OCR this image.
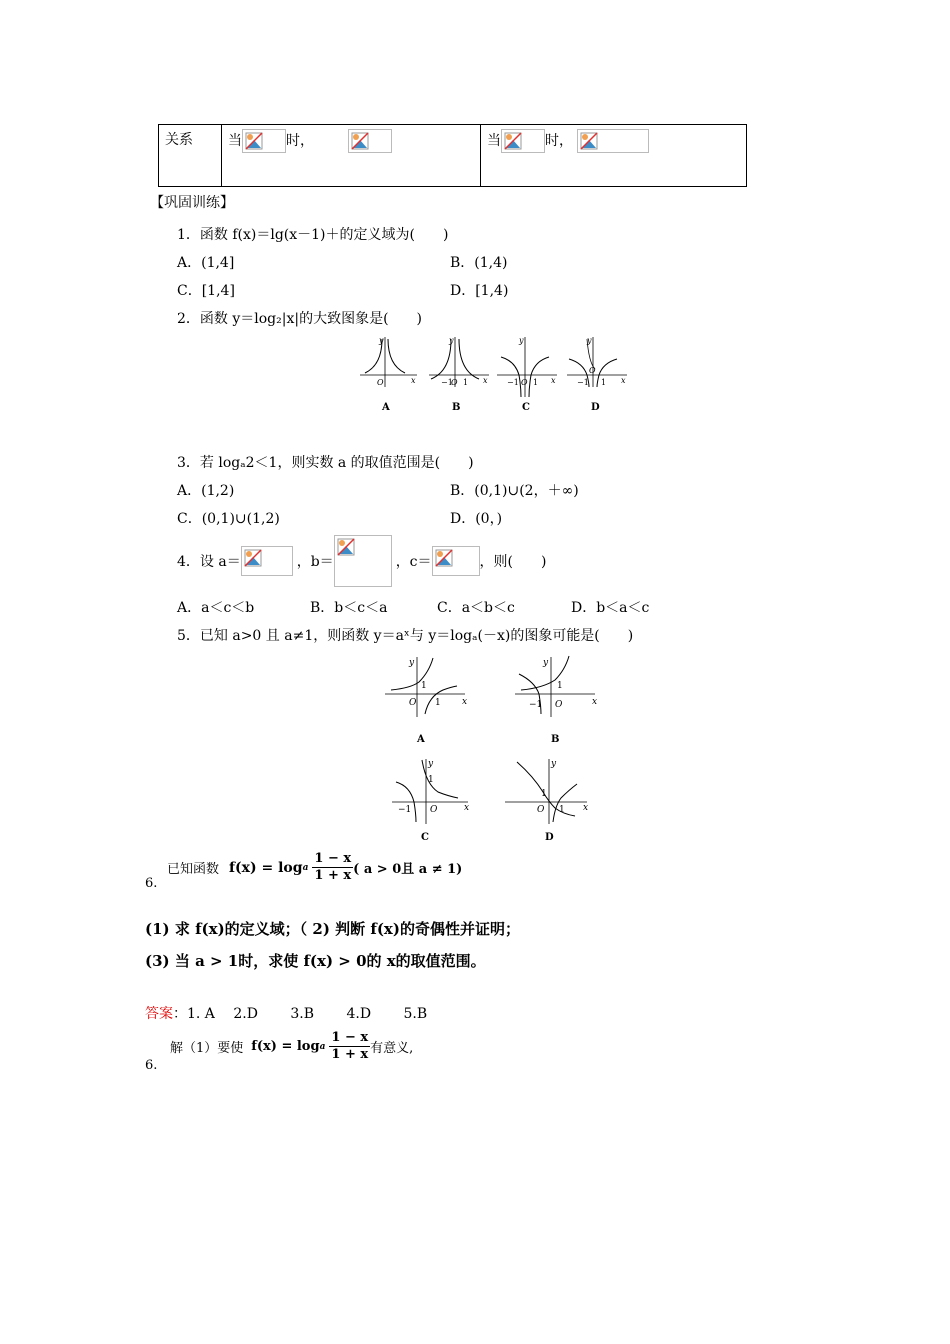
关系	当	时，	当	时，
【巩固训练】
1．函数 f(x)＝lg(x－1)＋的定义域为(　　)
A．(1,4]	B．(1,4)
C．[1,4]	D．[1,4)
2．函数 y＝log₂|x|的大致图象是(　　)
y
x
O
A
y
x
−1
O 1
B
y
x
−1 O 1
C
y
x
−1
O
1
D
3．若 logₐ2＜1，则实数 a 的取值范围是(　　)
A．(1,2)	B．(0,1)∪(2，＋∞)
C．(0,1)∪(1,2)	D．(0，)
4．设 a＝	，b＝	，c＝	，则(　　)
A．a＜c＜b	B．b＜c＜a	C．a＜b＜c	D．b＜a＜c
5．已知 a>0 且 a≠1，则函数 y＝aˣ与 y＝logₐ(－x)的图象可能是(　　)
y
x
O
1
1
A
y
x
−1 O
1
B
y
x
−1 O
1
C
y
x
O
1
1
D
6.
已知函数 f(x) = log a $\frac{1 - x}{1 + x}$ ( a > 0且 a ≠ 1)
(1) 求 f(x)的定义域；（ 2) 判断 f(x)的奇偶性并证明；
(3) 当 a > 1时，求使 f(x) > 0的 x的取值范围。
答案：1. A　 2.D　　 3.B　　 4.D　　 5.B
6.
解（1）要使 f(x) = log a $\frac{1 - x}{1 + x}$ 有意义,
